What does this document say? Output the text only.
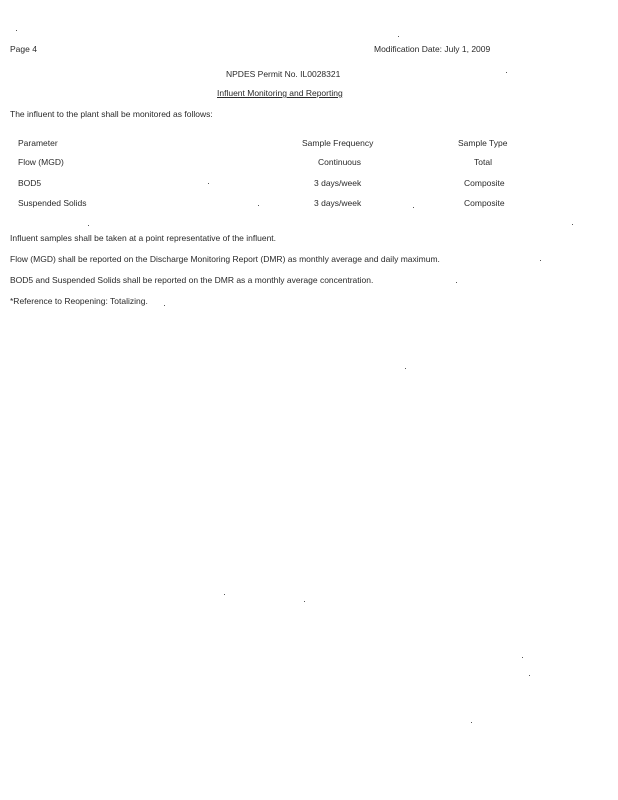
Page 4	Modification Date: July 1, 2009
NPDES Permit No. IL0028321
Influent Monitoring and Reporting
The influent to the plant shall be monitored as follows:
Parameter	Sample Frequency	Sample Type
Flow (MGD)	Continuous	Total
BOD5	3 days/week	Composite
Suspended Solids	3 days/week	Composite
Influent samples shall be taken at a point representative of the influent.
Flow (MGD) shall be reported on the Discharge Monitoring Report (DMR) as monthly average and daily maximum.
BOD5 and Suspended Solids shall be reported on the DMR as a monthly average concentration.
*Reference to Reopening: Totalizing.
